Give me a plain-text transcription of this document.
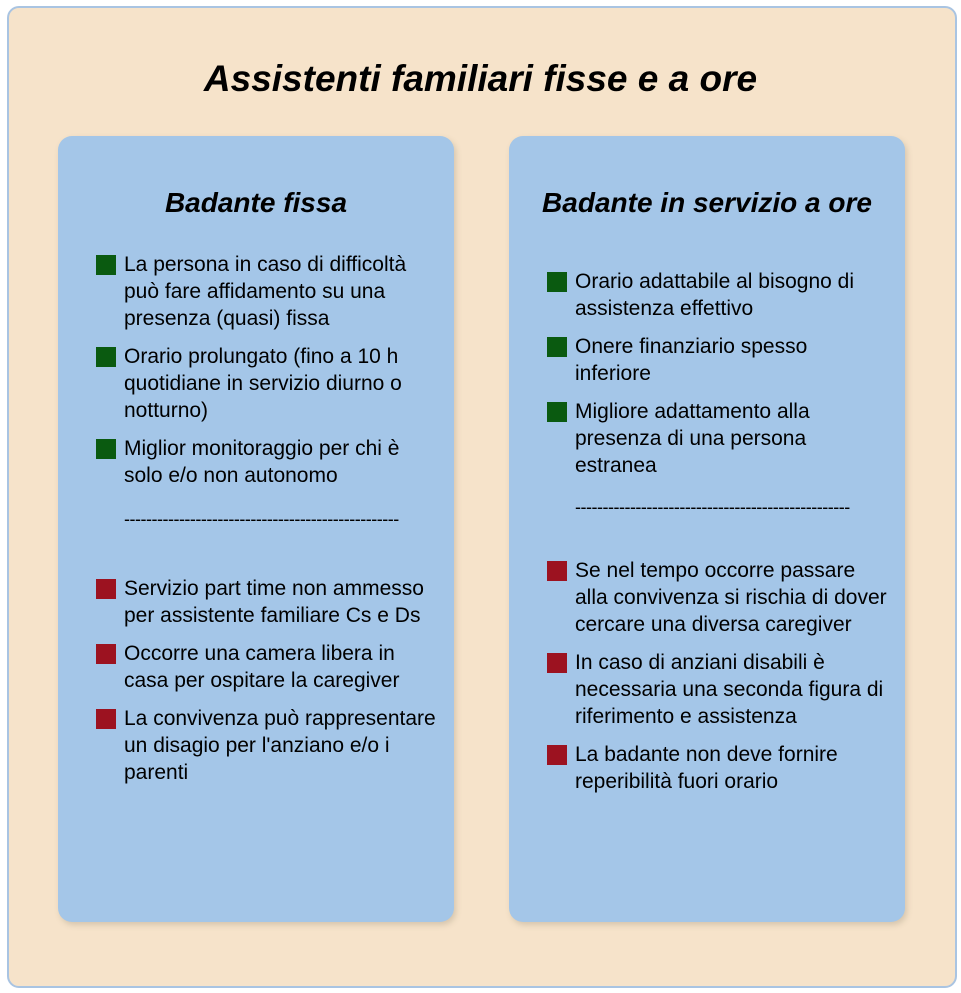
Assistenti familiari fisse e a ore
Badante fissa
La persona in caso di difficoltà può fare affidamento su una presenza (quasi) fissa
Orario prolungato (fino a 10 h quotidiane in servizio diurno o notturno)
Miglior monitoraggio per chi è solo e/o non autonomo
--------------------------------------------------
Servizio part time non ammesso per assistente familiare Cs e Ds
Occorre una camera libera in casa per ospitare la caregiver
La convivenza può rappresentare un disagio per l'anziano e/o i parenti
Badante in servizio a ore
Orario adattabile al bisogno di assistenza effettivo
Onere finanziario spesso inferiore
Migliore adattamento alla presenza di una persona estranea
--------------------------------------------------
Se nel tempo occorre passare alla convivenza si rischia di dover cercare una diversa caregiver
In caso di anziani disabili è necessaria una seconda figura di riferimento e assistenza
La badante non deve fornire reperibilità fuori orario
